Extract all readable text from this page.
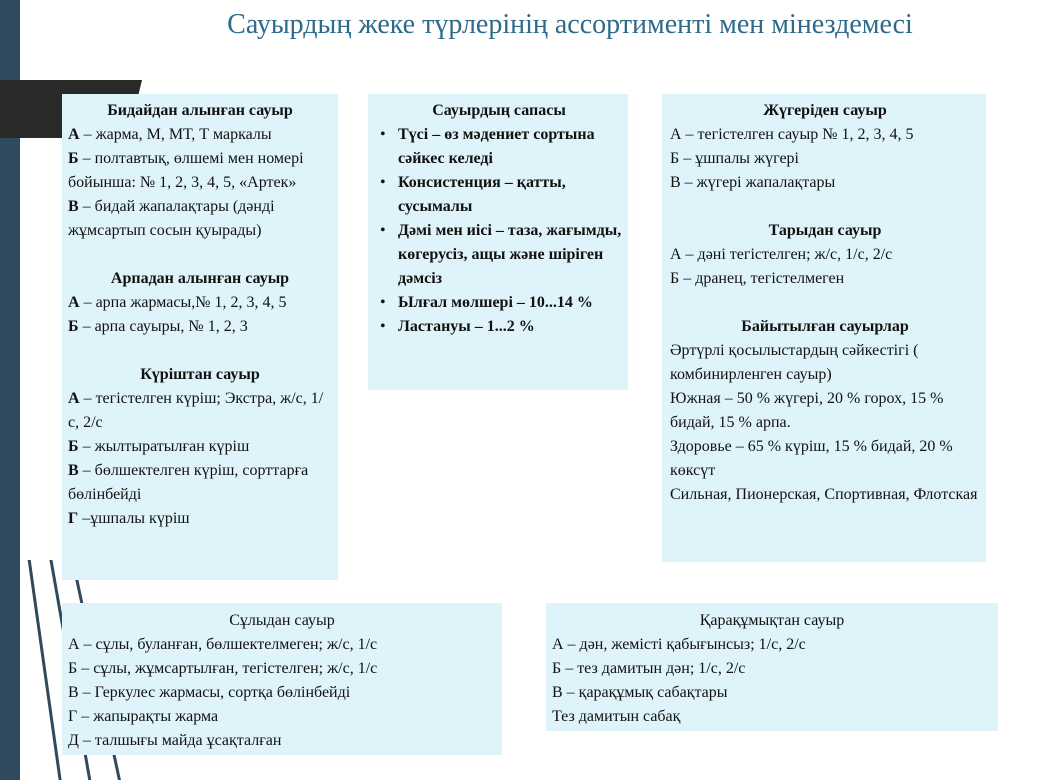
Сауырдың жеке түрлерінің ассортименті мен мінездемесі
Бидайдан алынған сауыр
А – жарма, М, МТ, Т маркалы
Б – полтавтық, өлшемі мен номері бойынша: № 1, 2, 3, 4, 5, «Артек»
В – бидай жапалақтары (дәнді жұмсартып сосын қуырады)
Арпадан алынған сауыр
А – арпа жармасы,№ 1, 2, 3, 4, 5
Б – арпа сауыры, № 1, 2, 3
Күріштан сауыр
А – тегістелген күріш; Экстра, ж/с, 1/с, 2/с
Б – жылтыратылған күріш
В – бөлшектелген күріш, сорттарға бөлінбейді
Г –ұшпалы күріш
Сауырдың сапасы
• Түсі – өз мәдениет сортына сәйкес келеді
• Консистенция – қатты, сусымалы
• Дәмі мен иісі – таза, жағымды, көгерусіз, ащы және шіріген дәмсіз
• Ылғал мөлшері – 10...14 %
• Ластануы – 1...2 %
Жүгеріден сауыр
А – тегістелген сауыр № 1, 2, 3, 4, 5
Б – ұшпалы жүгері
В – жүгері жапалақтары
Тарыдан сауыр
А – дәні тегістелген; ж/с, 1/с, 2/с
Б – дранец, тегістелмеген
Байытылған сауырлар
Әртүрлі қосылыстардың сәйкестігі ( комбинирленген сауыр)
Южная – 50 % жүгері, 20 % горох, 15 % бидай, 15 % арпа.
Здоровье – 65 % күріш, 15 % бидай, 20 % көксүт
Сильная, Пионерская, Спортивная, Флотская
Сұлыдан сауыр
А – сұлы, буланған, бөлшектелмеген; ж/с, 1/с
Б – сұлы, жұмсартылған, тегістелген; ж/с, 1/с
В – Геркулес жармасы, сортқа бөлінбейді
Г – жапырақты жарма
Д – талшығы майда ұсақталған
Қарақұмықтан сауыр
А – дән, жемісті қабығынсыз; 1/с, 2/с
Б – тез дамитын дән; 1/с, 2/с
В – қарақұмық сабақтары
Тез дамитын сабақ
